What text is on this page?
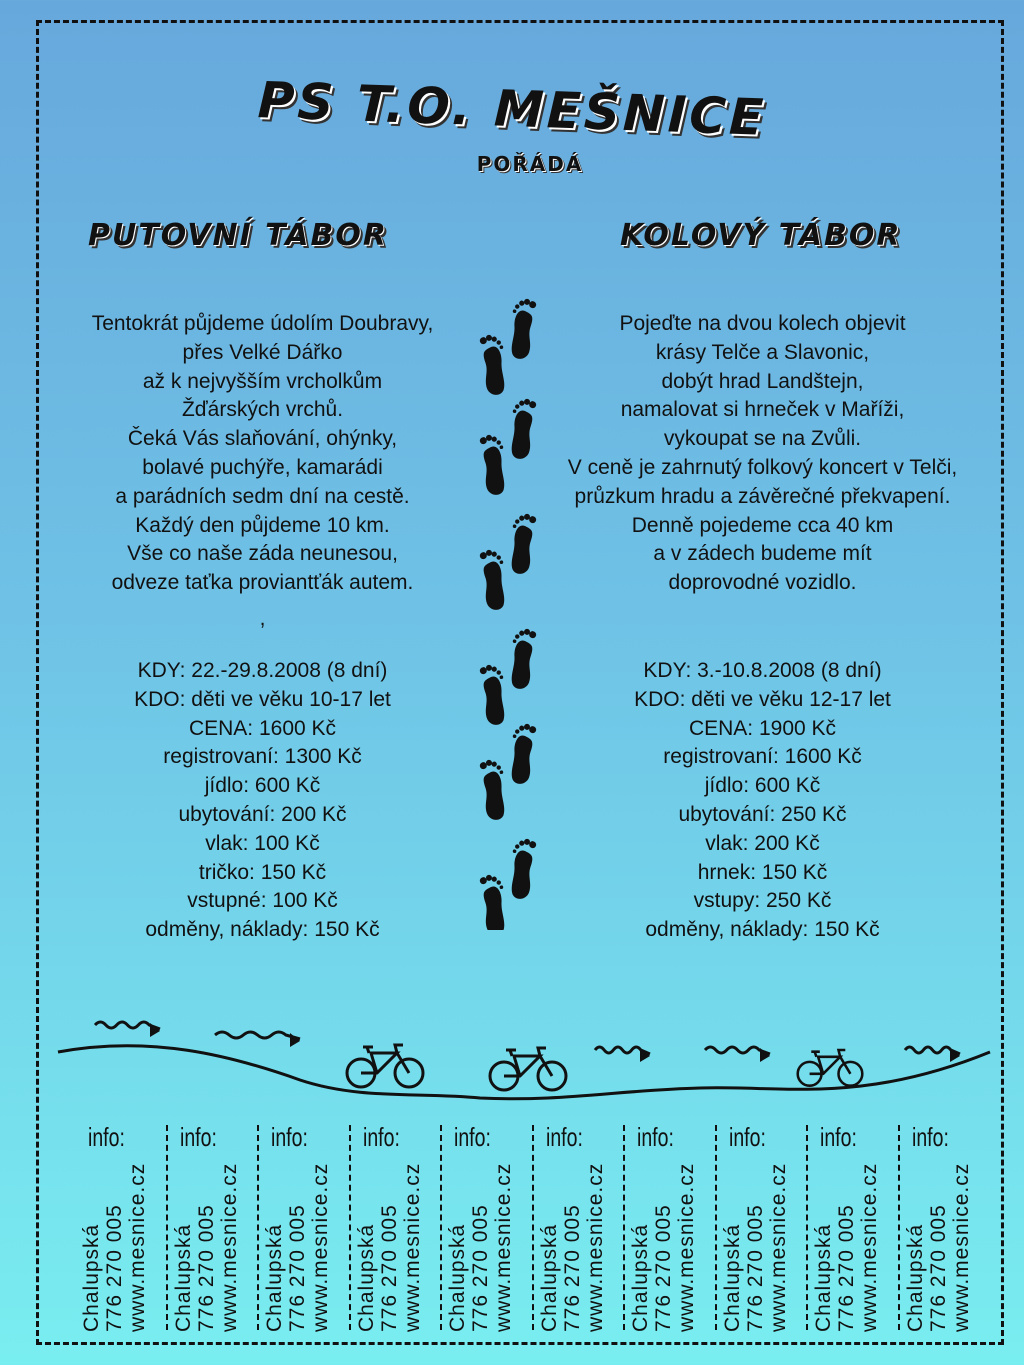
PS T.O. MEŠNICE
POŘÁDÁ
PUTOVNÍ TÁBOR	KOLOVÝ TÁBOR
Tentokrát půjdeme údolím Doubravy,
přes Velké Dářko
až k nejvyšším vrcholkům
Žďárských vrchů.
Čeká Vás slaňování, ohýnky,
bolavé puchýře, kamarádi
a parádních sedm dní na cestě.
Každý den půjdeme 10 km.
Vše co naše záda neunesou,
odveze taťka proviantťák autem.
,
KDY: 22.-29.8.2008 (8 dní)
KDO: děti ve věku 10-17 let
CENA: 1600 Kč
registrovaní: 1300 Kč
jídlo: 600 Kč
ubytování: 200 Kč
vlak: 100 Kč
tričko: 150 Kč
vstupné: 100 Kč
odměny, náklady: 150 Kč
Pojeďte na dvou kolech objevit
krásy Telče a Slavonic,
dobýt hrad Landštejn,
namalovat si hrneček v Maříži,
vykoupat se na Zvůli.
V ceně je zahrnutý folkový koncert v Telči,
průzkum hradu a závěrečné překvapení.
Denně pojedeme cca 40 km
a v zádech budeme mít
doprovodné vozidlo.
KDY: 3.-10.8.2008 (8 dní)
KDO: děti ve věku 12-17 let
CENA: 1900 Kč
registrovaní: 1600 Kč
jídlo: 600 Kč
ubytování: 250 Kč
vlak: 200 Kč
hrnek: 150 Kč
vstupy: 250 Kč
odměny, náklady: 150 Kč
Chalupská 776 270 005 www.mesnice.cz
info:
Chalupská 776 270 005 www.mesnice.cz
info:
Chalupská 776 270 005 www.mesnice.cz
info:
Chalupská 776 270 005 www.mesnice.cz
info:
Chalupská 776 270 005 www.mesnice.cz
info:
Chalupská 776 270 005 www.mesnice.cz
info:
Chalupská 776 270 005 www.mesnice.cz
info:
Chalupská 776 270 005 www.mesnice.cz
info:
Chalupská 776 270 005 www.mesnice.cz
info:
Chalupská 776 270 005 www.mesnice.cz
info:
